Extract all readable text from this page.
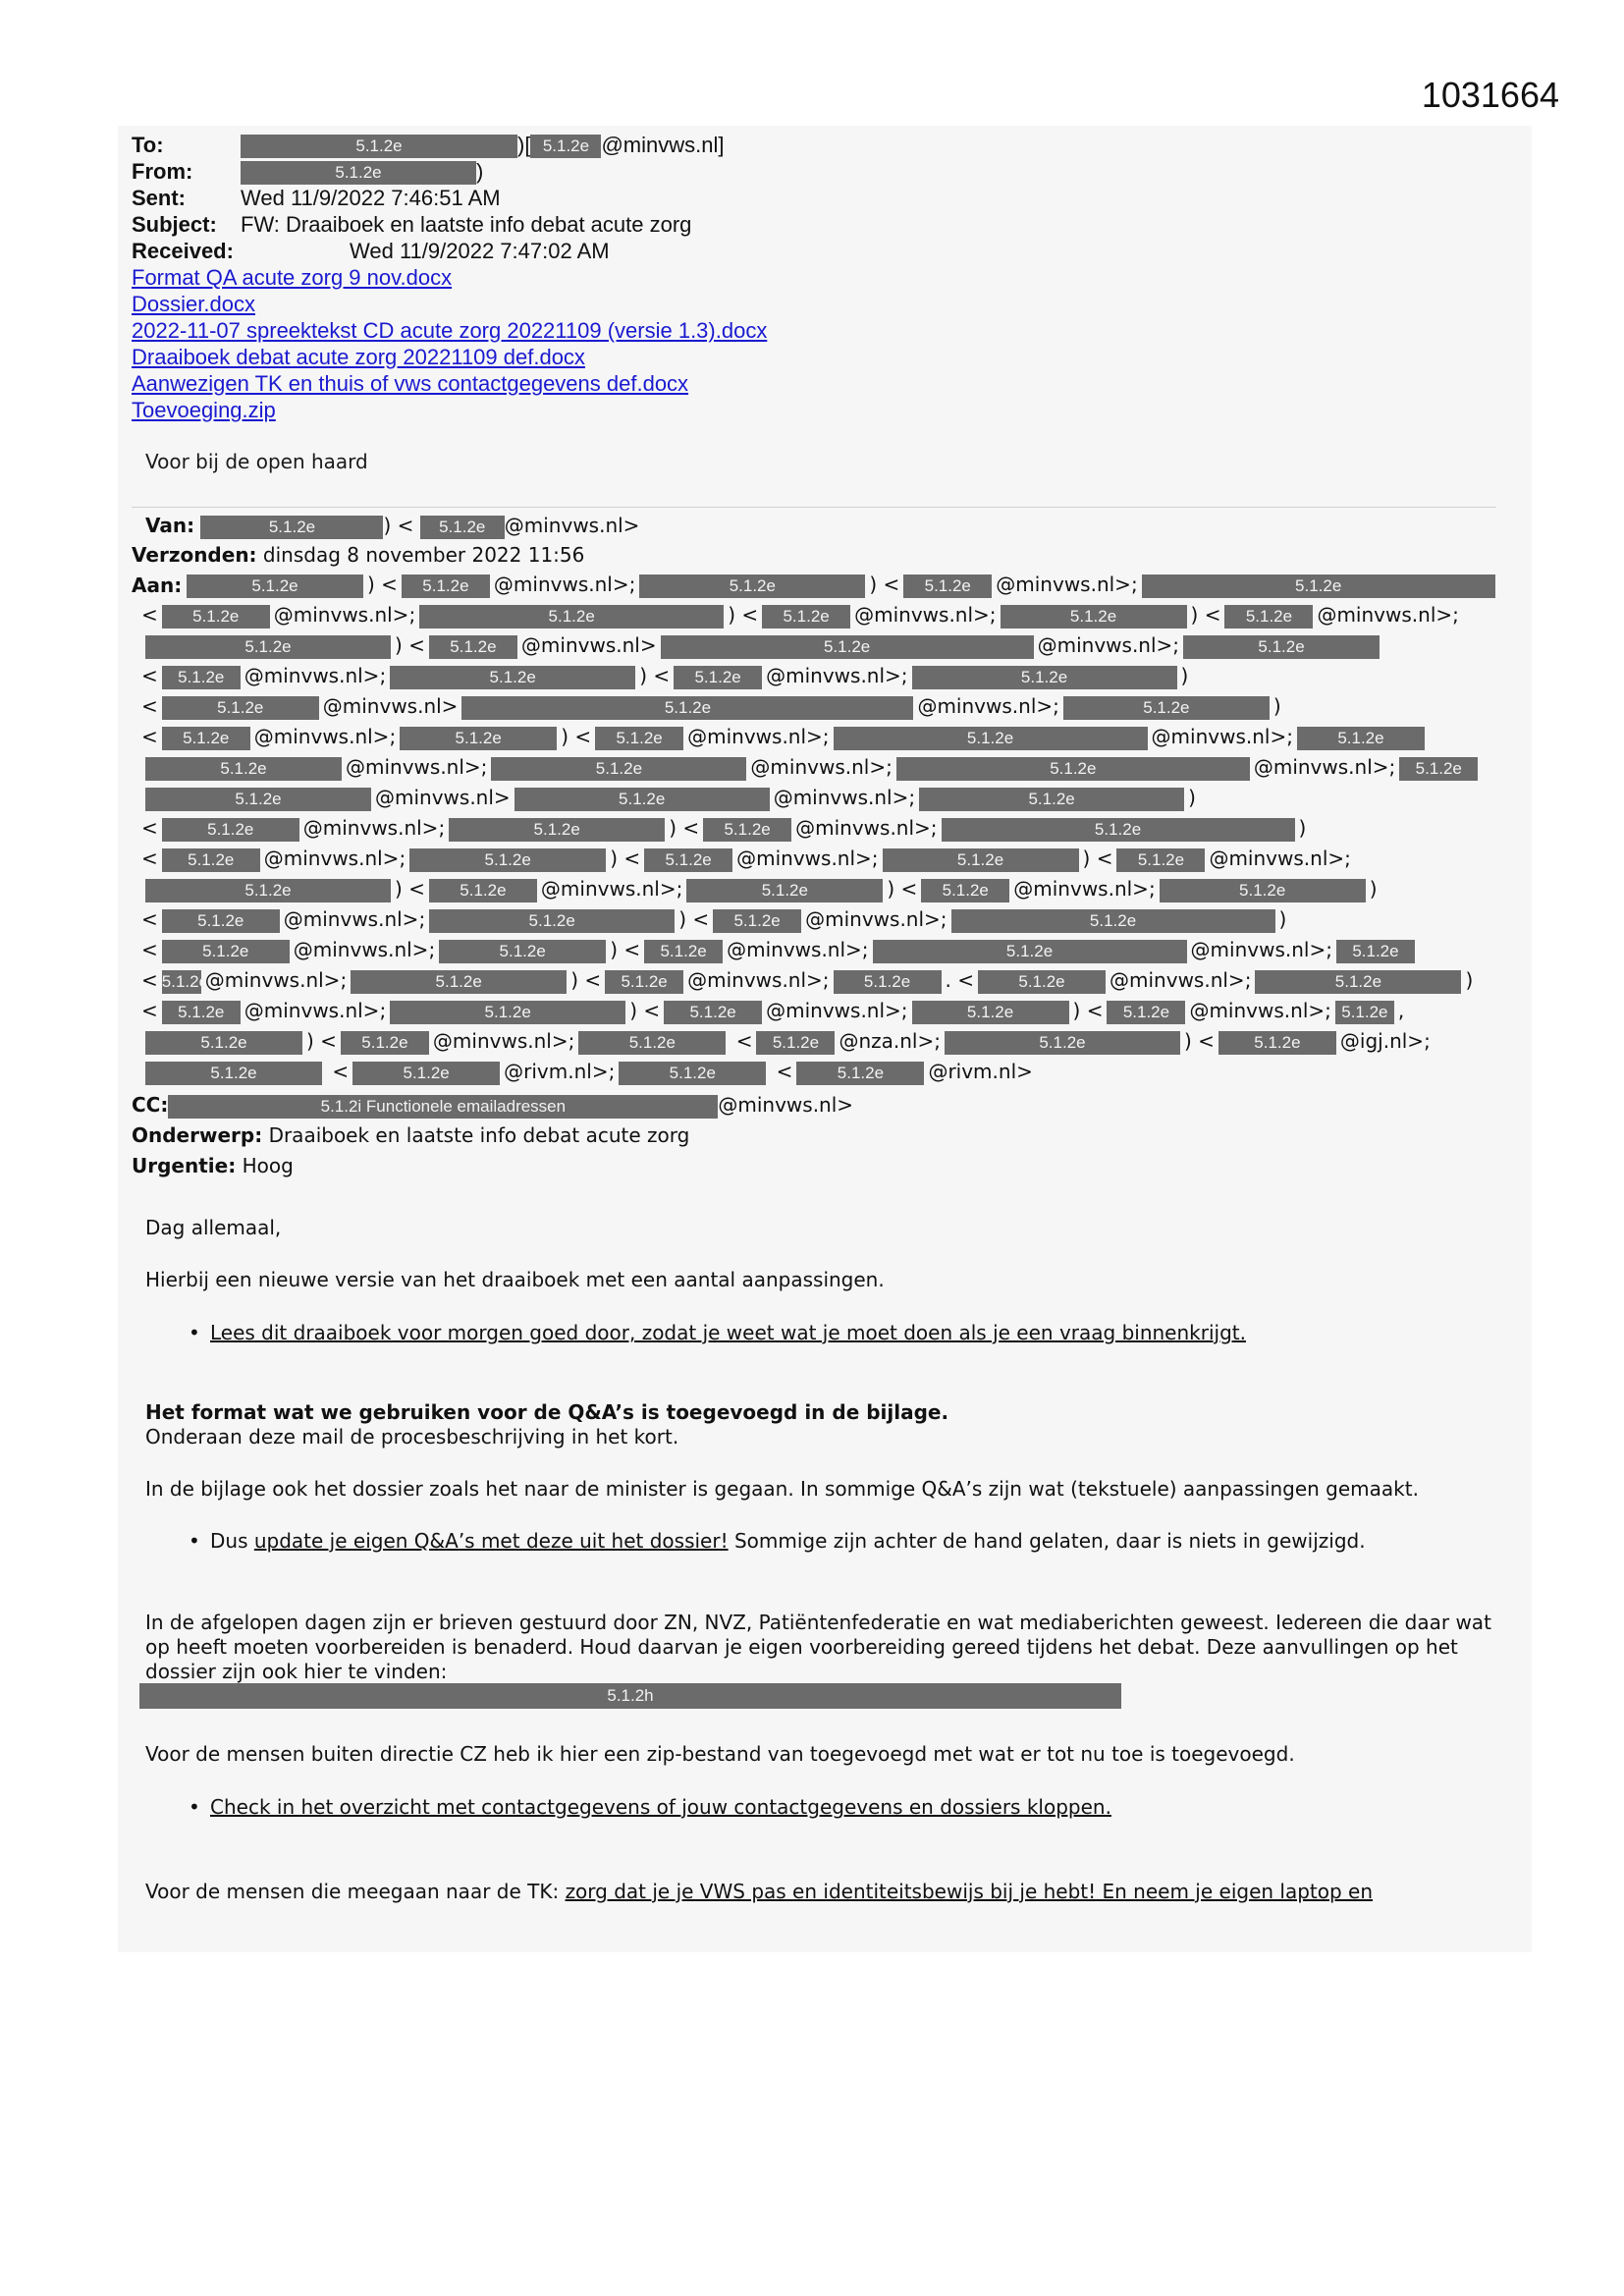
1031664
To:	5.1.2e	)[ 5.1.2e @minvws.nl]
From:	5.1.2e	)
Sent:	Wed 11/9/2022 7:46:51 AM
Subject: FW: Draaiboek en laatste info debat acute zorg
Received:	Wed 11/9/2022 7:47:02 AM
Format QA acute zorg 9 nov.docx
Dossier.docx
2022-11-07 spreektekst CD acute zorg 20221109 (versie 1.3).docx
Draaiboek debat acute zorg 20221109 def.docx
Aanwezigen TK en thuis of vws contactgegevens def.docx
Toevoeging.zip
Voor bij de open haard
Van:	5.1.2e	) < 5.1.2e @minvws.nl>
Verzonden: dinsdag 8 november 2022 11:56
Aan:	5.1.2e	) < 5.1.2e @minvws.nl>;	5.1.2e	) < 5.1.2e @minvws.nl>;	5.1.2e
< 5.1.2e @minvws.nl>;	5.1.2e	) < 5.1.2e @minvws.nl>;	5.1.2e	) < 5.1.2e @minvws.nl>;
5.1.2e	) < 5.1.2e @minvws.nl>	5.1.2e	@minvws.nl>;	5.1.2e
< 5.1.2e @minvws.nl>;	5.1.2e	) < 5.1.2e @minvws.nl>;	5.1.2e	)
<	5.1.2e	@minvws.nl>	5.1.2e	@minvws.nl>;	5.1.2e	)
< 5.1.2e @minvws.nl>;	5.1.2e	) < 5.1.2e @minvws.nl>;	5.1.2e	@minvws.nl>;	5.1.2e
5.1.2e	@minvws.nl>;	5.1.2e	@minvws.nl>;	5.1.2e	@minvws.nl>; 5.1.2e
5.1.2e	@minvws.nl>	5.1.2e	@minvws.nl>;	5.1.2e	)
<	5.1.2e	@minvws.nl>;	5.1.2e	) < 5.1.2e @minvws.nl>;	5.1.2e	)
< 5.1.2e @minvws.nl>;	5.1.2e	) < 5.1.2e @minvws.nl>;	5.1.2e	) < 5.1.2e @minvws.nl>;
5.1.2e	) < 5.1.2e @minvws.nl>;	5.1.2e	) < 5.1.2e @minvws.nl>;	5.1.2e	)
< 5.1.2e @minvws.nl>;	5.1.2e	) < 5.1.2e @minvws.nl>;	5.1.2e	)
<	5.1.2e @minvws.nl>;	5.1.2e	) < 5.1.2e @minvws.nl>;	5.1.2e	@minvws.nl>; 5.1.2e
< 5.1.2e@minvws.nl>;	5.1.2e	) < 5.1.2e @minvws.nl>; 5.1.2e . <	5.1.2e @minvws.nl>;	5.1.2e	)
< 5.1.2e @minvws.nl>;	5.1.2e	) < 5.1.2e @minvws.nl>;	5.1.2e	) < 5.1.2e @minvws.nl>; 5.1.2e ,
5.1.2e	) < 5.1.2e @minvws.nl>;	5.1.2e	< 5.1.2e @nza.nl>;	5.1.2e	) < 5.1.2e @igj.nl>;
5.1.2e	<	5.1.2e	@rivm.nl>;	5.1.2e	<	5.1.2e @rivm.nl>
CC:	5.1.2i Functionele emailadressen	@minvws.nl>
Onderwerp: Draaiboek en laatste info debat acute zorg
Urgentie: Hoog
Dag allemaal,
Hierbij een nieuwe versie van het draaiboek met een aantal aanpassingen.
• Lees dit draaiboek voor morgen goed door, zodat je weet wat je moet doen als je een vraag binnenkrijgt.
Het format wat we gebruiken voor de Q&A’s is toegevoegd in de bijlage.
Onderaan deze mail de procesbeschrijving in het kort.
In de bijlage ook het dossier zoals het naar de minister is gegaan. In sommige Q&A’s zijn wat (tekstuele) aanpassingen gemaakt.
• Dus update je eigen Q&A’s met deze uit het dossier! Sommige zijn achter de hand gelaten, daar is niets in gewijzigd.
In de afgelopen dagen zijn er brieven gestuurd door ZN, NVZ, Patiëntenfederatie en wat mediaberichten geweest. Iedereen die daar wat op heeft moeten voorbereiden is benaderd. Houd daarvan je eigen voorbereiding gereed tijdens het debat. Deze aanvullingen op het dossier zijn ook hier te vinden:
5.1.2h
Voor de mensen buiten directie CZ heb ik hier een zip-bestand van toegevoegd met wat er tot nu toe is toegevoegd.
• Check in het overzicht met contactgegevens of jouw contactgegevens en dossiers kloppen.
Voor de mensen die meegaan naar de TK: zorg dat je je VWS pas en identiteitsbewijs bij je hebt! En neem je eigen laptop en
